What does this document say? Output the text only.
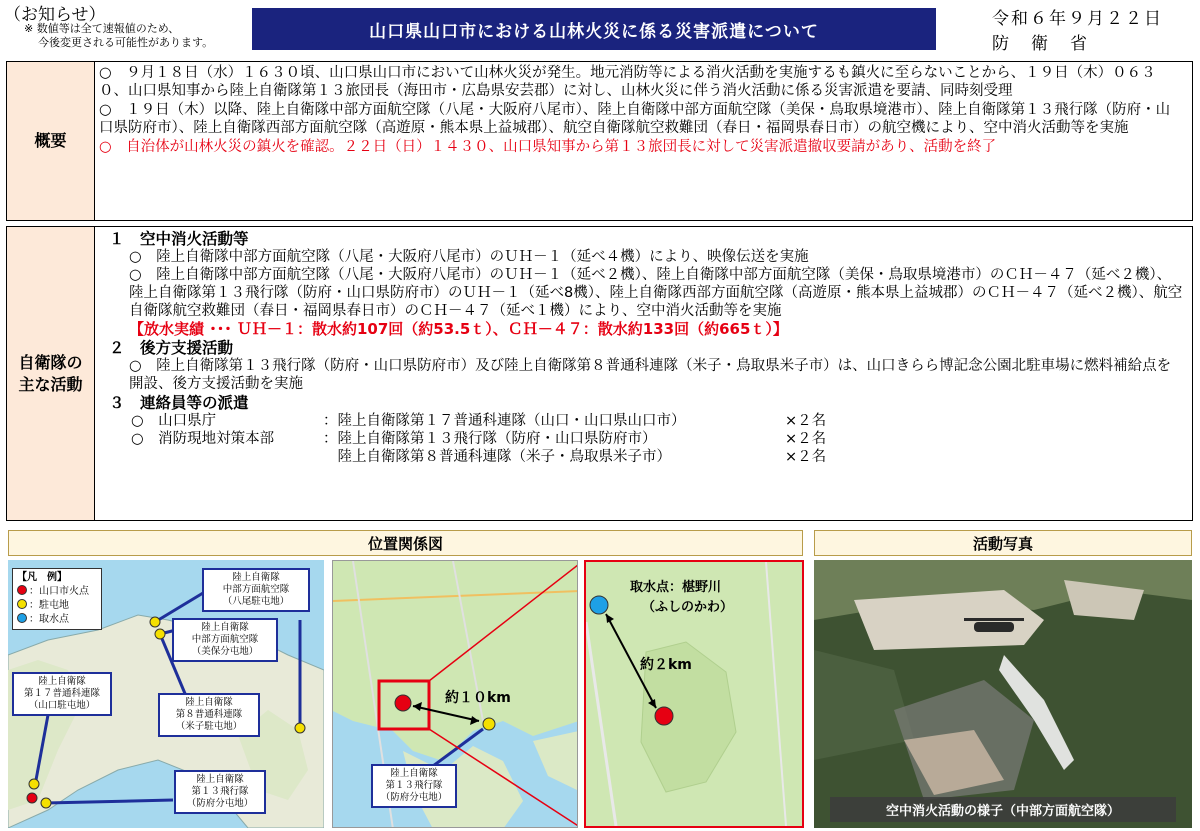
（お知らせ）
※ 数値等は全て速報値のため、
今後変更される可能性があります。
山口県山口市における山林火災に係る災害派遣について
令和６年９月２２日
防衛省
概要
○　９月１８日（水）１６３０頃、山口県山口市において山林火災が発生。地元消防等による消火活動を実施するも鎮火に至らないことから、１９日（木）０６３０、山口県知事から陸上自衛隊第１３旅団長（海田市・広島県安芸郡）に対し、山林火災に伴う消火活動に係る災害派遣を要請、同時刻受理
○　１９日（木）以降、陸上自衛隊中部方面航空隊（八尾・大阪府八尾市）、陸上自衛隊中部方面航空隊（美保・鳥取県境港市）、陸上自衛隊第１３飛行隊（防府・山口県防府市）、陸上自衛隊西部方面航空隊（高遊原・熊本県上益城郡）、航空自衛隊航空救難団（春日・福岡県春日市）の航空機により、空中消火活動等を実施
○　自治体が山林火災の鎮火を確認。２２日（日）１４３０、山口県知事から第１３旅団長に対して災害派遣撤収要請があり、活動を終了
自衛隊の
主な活動
１　空中消火活動等
○　陸上自衛隊中部方面航空隊（八尾・大阪府八尾市）のＵＨ－１（延べ４機）により、映像伝送を実施
○　陸上自衛隊中部方面航空隊（八尾・大阪府八尾市）のＵＨ－１（延べ２機）、陸上自衛隊中部方面航空隊（美保・鳥取県境港市）のＣＨ－４７（延べ２機）、陸上自衛隊第１３飛行隊（防府・山口県防府市）のＵＨ－１（延べ8機）、陸上自衛隊西部方面航空隊（高遊原・熊本県上益城郡）のＣＨ－４７（延べ２機）、航空自衛隊航空救難団（春日・福岡県春日市）のＣＨ－４７（延べ１機）により、空中消火活動等を実施
【放水実績 ･･･ ＵＨ－１：散水約107回（約53.5ｔ）、ＣＨ－４７：散水約133回（約665ｔ）】
２　後方支援活動
○　陸上自衛隊第１３飛行隊（防府・山口県防府市）及び陸上自衛隊第８普通科連隊（米子・鳥取県米子市）は、山口きらら博記念公園北駐車場に燃料補給点を開設、後方支援活動を実施
３　連絡員等の派遣
○　山口県庁	：陸上自衛隊第１７普通科連隊（山口・山口県山口市）	×２名
○　消防現地対策本部	：陸上自衛隊第１３飛行隊（防府・山口県防府市）	×２名
　陸上自衛隊第８普通科連隊（米子・鳥取県米子市）	×２名
位置関係図	活動写真
【凡　例】
：山口市火点
：駐屯地
：取水点
陸上自衛隊
中部方面航空隊
（八尾駐屯地）
陸上自衛隊
中部方面航空隊
（美保分屯地）
陸上自衛隊
第１７普通科連隊
（山口駐屯地）	陸上自衛隊
第８普通科連隊
（米子駐屯地）
陸上自衛隊
第１３飛行隊
（防府分屯地）
約１０km
陸上自衛隊
第１３飛行隊
（防府分屯地）
取水点：椹野川
（ふしのかわ）
約２km
空中消火活動の様子（中部方面航空隊）
